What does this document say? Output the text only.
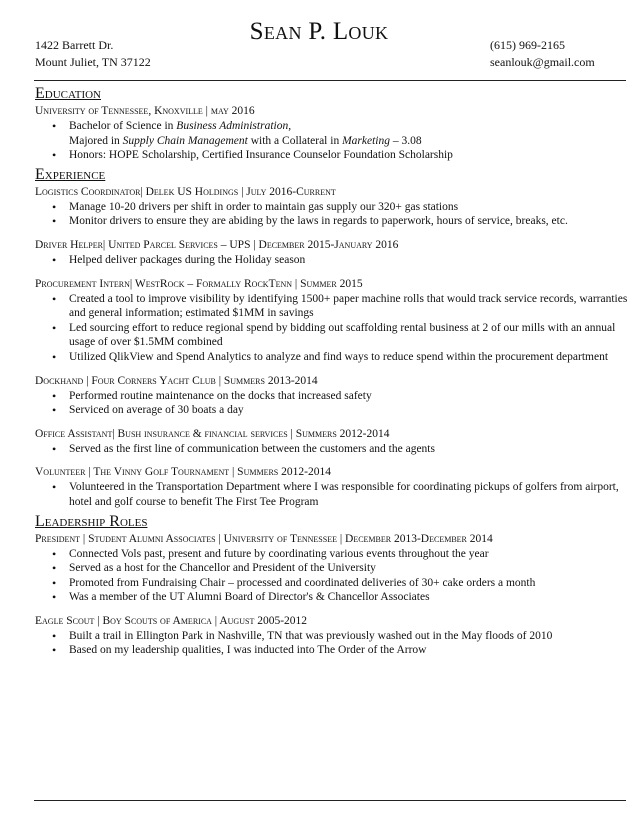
1422 Barrett Dr.
Mount Juliet, TN 37122
Sean P. Louk	(615) 969-2165
seanlouk@gmail.com
Education
University of Tennessee, Knoxville | may 2016
• Bachelor of Science in Business Administration,
Majored in Supply Chain Management with a Collateral in Marketing – 3.08
• Honors: HOPE Scholarship, Certified Insurance Counselor Foundation Scholarship
Experience
Logistics Coordinator| Delek US Holdings | July 2016-Current
• Manage 10-20 drivers per shift in order to maintain gas supply our 320+ gas stations
• Monitor drivers to ensure they are abiding by the laws in regards to paperwork, hours of service, breaks, etc.
Driver Helper| United Parcel Services – UPS | December 2015-January 2016
• Helped deliver packages during the Holiday season
Procurement Intern| WestRock – Formally RockTenn | Summer 2015
• Created a tool to improve visibility by identifying 1500+ paper machine rolls that would track service records, warranties and general information; estimated $1MM in savings
• Led sourcing effort to reduce regional spend by bidding out scaffolding rental business at 2 of our mills with an annual usage of over $1.5MM combined
• Utilized QlikView and Spend Analytics to analyze and find ways to reduce spend within the procurement department
Dockhand | Four Corners Yacht Club | Summers 2013-2014
• Performed routine maintenance on the docks that increased safety
• Serviced on average of 30 boats a day
Office Assistant| Bush insurance & financial services | Summers 2012-2014
• Served as the first line of communication between the customers and the agents
Volunteer | The Vinny Golf Tournament | Summers 2012-2014
• Volunteered in the Transportation Department where I was responsible for coordinating pickups of golfers from airport, hotel and golf course to benefit The First Tee Program
Leadership Roles
President | Student Alumni Associates | University of Tennessee | December 2013-December 2014
• Connected Vols past, present and future by coordinating various events throughout the year
• Served as a host for the Chancellor and President of the University
• Promoted from Fundraising Chair – processed and coordinated deliveries of 30+ cake orders a month
• Was a member of the UT Alumni Board of Director's & Chancellor Associates
Eagle Scout | Boy Scouts of America | August 2005-2012
• Built a trail in Ellington Park in Nashville, TN that was previously washed out in the May floods of 2010
• Based on my leadership qualities, I was inducted into The Order of the Arrow
